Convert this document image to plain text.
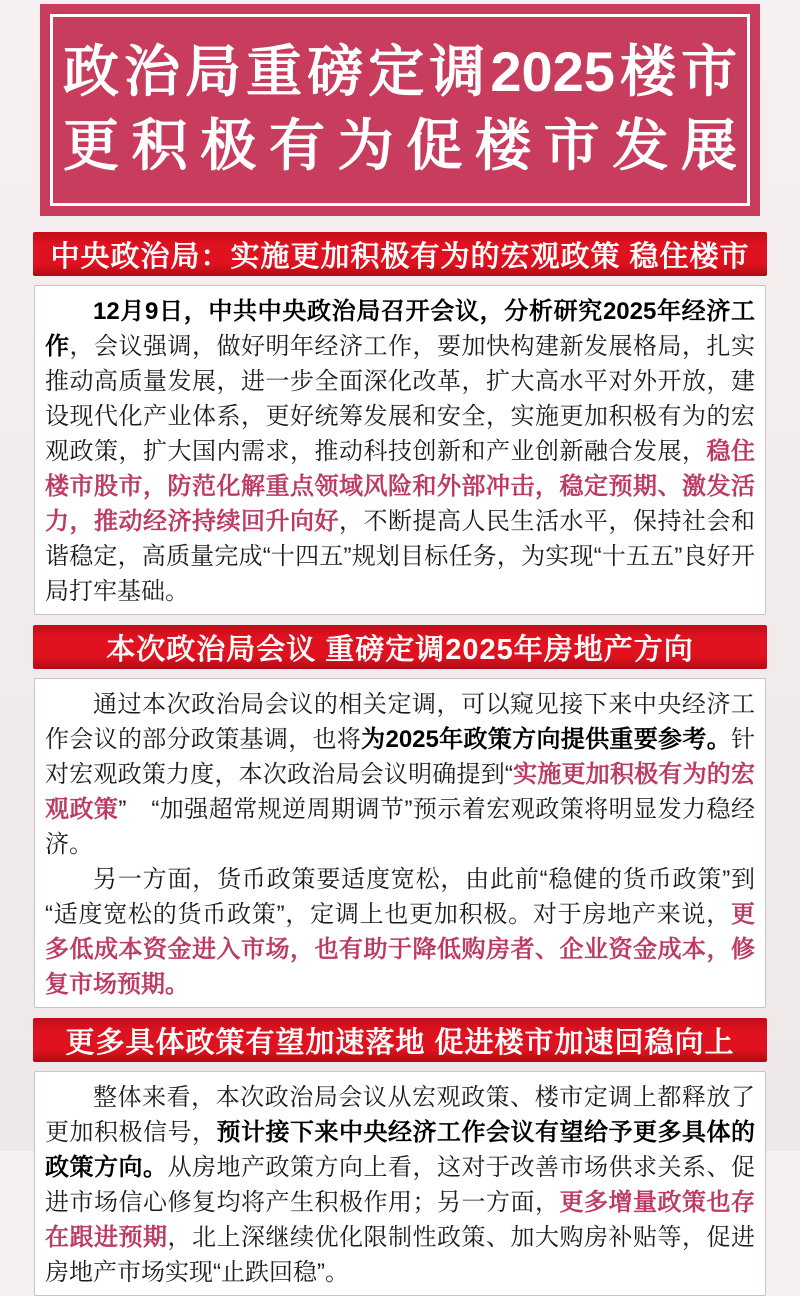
政治局重磅定调2025楼市
更积极有为促楼市发展
中央政治局：实施更加积极有为的宏观政策 稳住楼市

12月9日，中共中央政治局召开会议，分析研究2025年经济工作，会议强调，做好明年经济工作，要加快构建新发展格局，扎实推动高质量发展，进一步全面深化改革，扩大高水平对外开放，建设现代化产业体系，更好统筹发展和安全，实施更加积极有为的宏观政策，扩大国内需求，推动科技创新和产业创新融合发展，稳住楼市股市，防范化解重点领域风险和外部冲击，稳定预期、激发活力，推动经济持续回升向好，不断提高人民生活水平，保持社会和谐稳定，高质量完成“十四五”规划目标任务，为实现“十五五”良好开局打牢基础。

本次政治局会议 重磅定调2025年房地产方向

通过本次政治局会议的相关定调，可以窥见接下来中央经济工作会议的部分政策基调，也将为2025年政策方向提供重要参考。针对宏观政策力度，本次政治局会议明确提到“实施更加积极有为的宏观政策”　“加强超常规逆周期调节”预示着宏观政策将明显发力稳经济。

另一方面，货币政策要适度宽松，由此前“稳健的货币政策”到“适度宽松的货币政策”，定调上也更加积极。对于房地产来说，更多低成本资金进入市场，也有助于降低购房者、企业资金成本，修复市场预期。

更多具体政策有望加速落地 促进楼市加速回稳向上

整体来看，本次政治局会议从宏观政策、楼市定调上都释放了更加积极信号，预计接下来中央经济工作会议有望给予更多具体的政策方向。从房地产政策方向上看，这对于改善市场供求关系、促进市场信心修复均将产生积极作用；另一方面，更多增量政策也存在跟进预期，北上深继续优化限制性政策、加大购房补贴等，促进房地产市场实现“止跌回稳”。
